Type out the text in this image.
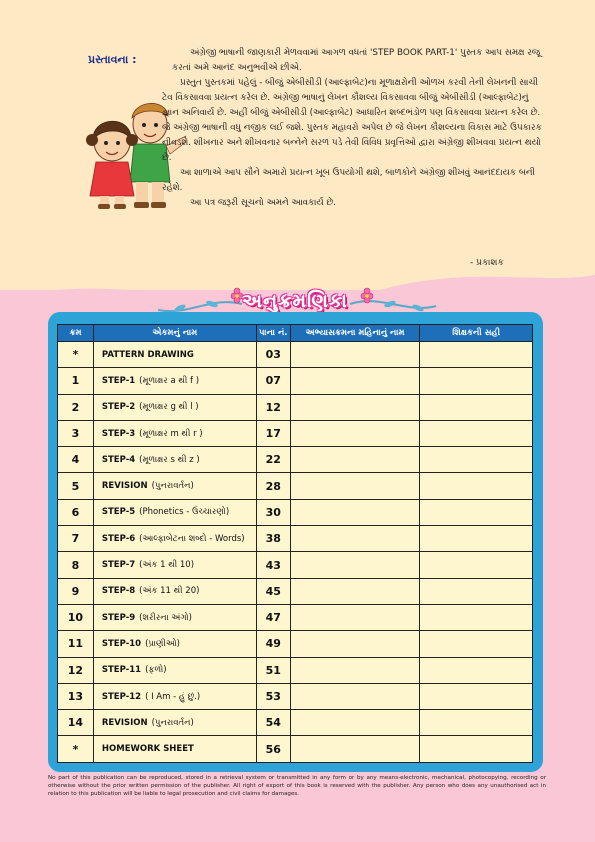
પ્રસ્તાવના :	અંગ્રેજી ભાષાની જાણકારી મેળવવામાં આગળ વધતાં 'STEP BOOK PART-1' પુસ્તક આપ સમક્ષ રજૂ કરતાં અમે આનંદ અનુભવીએ છીએ.

પ્રસ્તુત પુસ્તકમાં પહેલું - બીજું એબીસીડી (આલ્ફાબેટ)ના મૂળાક્ષરોની ઓળખ કરવી તેની લેખનની સાચી ટેવ વિકસાવવા પ્રયત્ન કરેલ છે. અંગ્રેજી ભાષાનું લેખન કૌશલ્ય વિકસાવવા બીજું એબીસીડી (આલ્ફાબેટ)નું જ્ઞાન અનિવાર્ય છે. અહીં બીજું એબીસીડી (આલ્ફાબેટ) આધારિત શબ્દભંડોળ પણ વિકસાવવા પ્રયત્ન કરેલ છે. જે અંગ્રેજી ભાષાની વધુ નજીક લઈ જશે. પુસ્તક મહાવરો અપેલ છે જે લેખન કૌશલ્યના વિકાસ માટે ઉપકારક નીવડશે. શીખનાર અને શીખવનાર બન્નેને સરળ પડે તેવી વિવિધ પ્રવૃત્તિઓ દ્વારા અંગ્રેજી શીખવવા પ્રયત્ન થયો છે.

આ શાળાએ આપ સૌને અમારો પ્રયત્ન ખૂબ ઉપયોગી થશે, બાળકોને અંગ્રેજી શીખવું આનંદદાયક બની રહેશે.

આ પત્ર જરૂરી સૂચનો અમને આવકાર્ય છે.

- પ્રકાશક
અનુક્રમણિકા
ક્રમ	એકમનું નામ	પાના નં.	અભ્યાસક્રમના મહિનાનું નામ	શિક્ષકની સહી
*	PATTERN DRAWING	03		
1	STEP-1 (મૂળાક્ષર a થી f )	07		
2	STEP-2 (મૂળાક્ષર g થી l )	12		
3	STEP-3 (મૂળાક્ષર m થી r )	17		
4	STEP-4 (મૂળાક્ષર s થી z )	22		
5	REVISION (પુનરાવર્તન)	28		
6	STEP-5 (Phonetics - ઉચ્ચારણો)	30		
7	STEP-6 (આલ્ફાબેટના શબ્દો - Words)	38		
8	STEP-7 (અંક 1 થી 10)	43		
9	STEP-8 (અંક 11 થી 20)	45		
10	STEP-9 (શરીરના અંગો)	47		
11	STEP-10 (પ્રાણીઓ)	49		
12	STEP-11 (ફળો)	51		
13	STEP-12 ( I Am - હું છું.)	53		
14	REVISION (પુનરાવર્તન)	54		
*	HOMEWORK SHEET	56		
No part of this publication can be reproduced, stored in a retrieval system or transmitted in any form or by any means-electronic, mechanical, photocopying, recording or otherwise without the prior written permission of the publisher. All right of export of this book is reserved with the publisher. Any person who does any unauthorised act in relation to this publication will be liable to legal prosecution and civil claims for damages.
